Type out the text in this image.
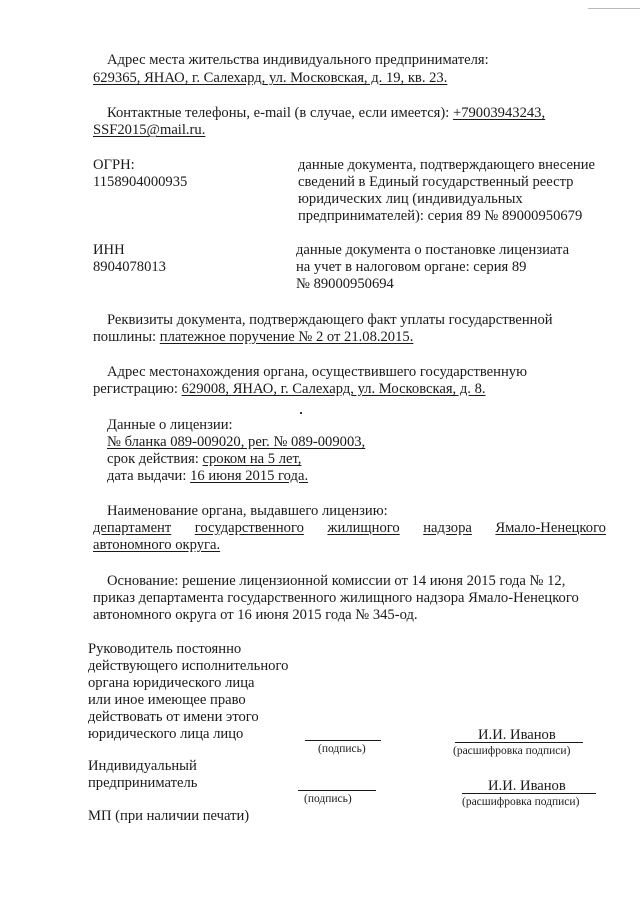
Адрес места жительства индивидуального предпринимателя:
629365, ЯНАО, г. Салехард, ул. Московская, д. 19, кв. 23.
Контактные телефоны, e-mail (в случае, если имеется): +79003943243,
SSF2015@mail.ru.
ОГРН:
1158904000935
данные документа, подтверждающего внесение
сведений в Единый государственный реестр
юридических лиц (индивидуальных
предпринимателей): серия 89 № 89000950679
ИНН
8904078013
данные документа о постановке лицензиата
на учет в налоговом органе: серия 89
№ 89000950694
Реквизиты документа, подтверждающего факт уплаты государственной
пошлины: платежное поручение № 2 от 21.08.2015.
Адрес местонахождения органа, осуществившего государственную
регистрацию: 629008, ЯНАО, г. Салехард, ул. Московская, д. 8.
Данные о лицензии:
№ бланка 089-009020, рег. № 089-009003,
срок действия: сроком на 5 лет,
дата выдачи: 16 июня 2015 года.
Наименование органа, выдавшего лицензию:
департамент государственного жилищного надзора Ямало-Ненецкого
автономного округа.
Основание: решение лицензионной комиссии от 14 июня 2015 года № 12,
приказ департамента государственного жилищного надзора Ямало-Ненецкого
автономного округа от 16 июня 2015 года № 345-од.
Руководитель постоянно
действующего исполнительного
органа юридического лица
или иное имеющее право
действовать от имени этого
юридического лица лицо
(подпись)
И.И. Иванов
(расшифровка подписи)
Индивидуальный
предприниматель
(подпись)
И.И. Иванов
(расшифровка подписи)
МП (при наличии печати)
